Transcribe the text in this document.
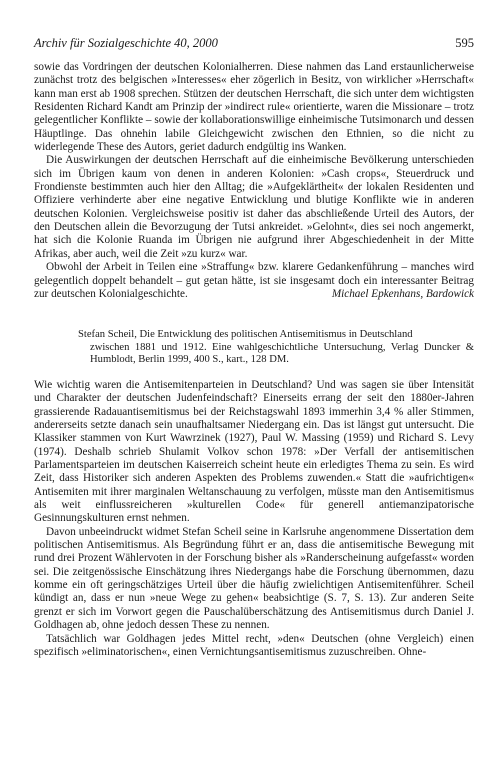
Archiv für Sozialgeschichte 40, 2000	595

sowie das Vordringen der deutschen Kolonialherren. Diese nahmen das Land erstaunlicherweise zunächst trotz des belgischen »Interesses« eher zögerlich in Besitz, von wirklicher »Herrschaft« kann man erst ab 1908 sprechen. Stützen der deutschen Herrschaft, die sich unter dem wichtigsten Residenten Richard Kandt am Prinzip der »indirect rule« orientierte, waren die Missionare – trotz gelegentlicher Konflikte – sowie der kollaborationswillige einheimische Tutsimonarch und dessen Häuptlinge. Das ohnehin labile Gleichgewicht zwischen den Ethnien, so die nicht zu widerlegende These des Autors, geriet dadurch endgültig ins Wanken.

Die Auswirkungen der deutschen Herrschaft auf die einheimische Bevölkerung unterschieden sich im Übrigen kaum von denen in anderen Kolonien: »Cash crops«, Steuerdruck und Frondienste bestimmten auch hier den Alltag; die »Aufgeklärtheit« der lokalen Residenten und Offiziere verhinderte aber eine negative Entwicklung und blutige Konflikte wie in anderen deutschen Kolonien. Vergleichsweise positiv ist daher das abschließende Urteil des Autors, der den Deutschen allein die Bevorzugung der Tutsi ankreidet. »Gelohnt«, dies sei noch angemerkt, hat sich die Kolonie Ruanda im Übrigen nie aufgrund ihrer Abgeschiedenheit in der Mitte Afrikas, aber auch, weil die Zeit »zu kurz« war.

Obwohl der Arbeit in Teilen eine »Straffung« bzw. klarere Gedankenführung – manches wird gelegentlich doppelt behandelt – gut getan hätte, ist sie insgesamt doch ein interessanter Beitrag zur deutschen Kolonialgeschichte.	Michael Epkenhans, Bardowick

Stefan Scheil, Die Entwicklung des politischen Antisemitismus in Deutschland
zwischen 1881 und 1912. Eine wahlgeschichtliche Untersuchung, Verlag Duncker & Humblodt, Berlin 1999, 400 S., kart., 128 DM.

Wie wichtig waren die Antisemitenparteien in Deutschland? Und was sagen sie über Intensität und Charakter der deutschen Judenfeindschaft? Einerseits errang der seit den 1880er-Jahren grassierende Radauantisemitismus bei der Reichstagswahl 1893 immerhin 3,4 % aller Stimmen, andererseits setzte danach sein unaufhaltsamer Niedergang ein. Das ist längst gut untersucht. Die Klassiker stammen von Kurt Wawrzinek (1927), Paul W. Massing (1959) und Richard S. Levy (1974). Deshalb schrieb Shulamit Volkov schon 1978: »Der Verfall der antisemitischen Parlamentsparteien im deutschen Kaiserreich scheint heute ein erledigtes Thema zu sein. Es wird Zeit, dass Historiker sich anderen Aspekten des Problems zuwenden.« Statt die »aufrichtigen« Antisemiten mit ihrer marginalen Weltanschauung zu verfolgen, müsste man den Antisemitismus als weit einflussreicheren »kulturellen Code« für generell antiemanzipatorische Gesinnungskulturen ernst nehmen.

Davon unbeeindruckt widmet Stefan Scheil seine in Karlsruhe angenommene Dissertation dem politischen Antisemitismus. Als Begründung führt er an, dass die antisemitische Bewegung mit rund drei Prozent Wählervoten in der Forschung bisher als »Randerscheinung aufgefasst« worden sei. Die zeitgenössische Einschätzung ihres Niedergangs habe die Forschung übernommen, dazu komme ein oft geringschätziges Urteil über die häufig zwielichtigen Antisemitenführer. Scheil kündigt an, dass er nun »neue Wege zu gehen« beabsichtige (S. 7, S. 13). Zur anderen Seite grenzt er sich im Vorwort gegen die Pauschalüberschätzung des Antisemitismus durch Daniel J. Goldhagen ab, ohne jedoch dessen These zu nennen.

Tatsächlich war Goldhagen jedes Mittel recht, »den« Deutschen (ohne Vergleich) einen spezifisch »eliminatorischen«, einen Vernichtungsantisemitismus zuzuschreiben. Ohne-
